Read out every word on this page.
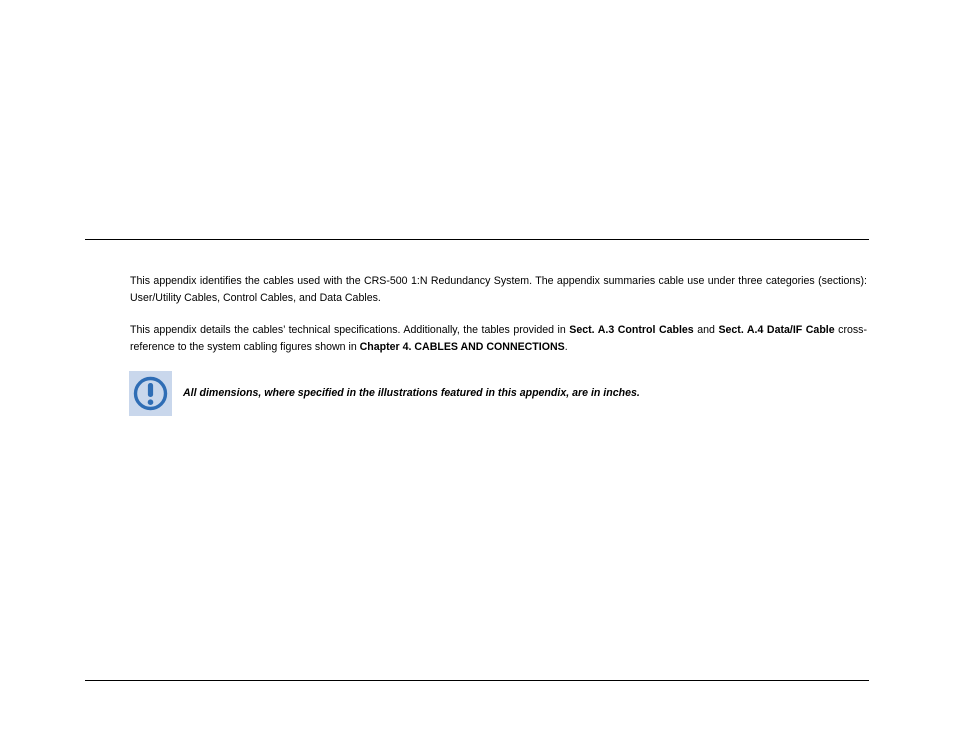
This appendix identifies the cables used with the CRS-500 1:N Redundancy System. The appendix summaries cable use under three categories (sections): User/Utility Cables, Control Cables, and Data Cables.

This appendix details the cables’ technical specifications. Additionally, the tables provided in Sect. A.3 Control Cables and Sect. A.4 Data/IF Cable cross-reference to the system cabling figures shown in Chapter 4. CABLES AND CONNECTIONS.

All dimensions, where specified in the illustrations featured in this appendix, are in inches.
